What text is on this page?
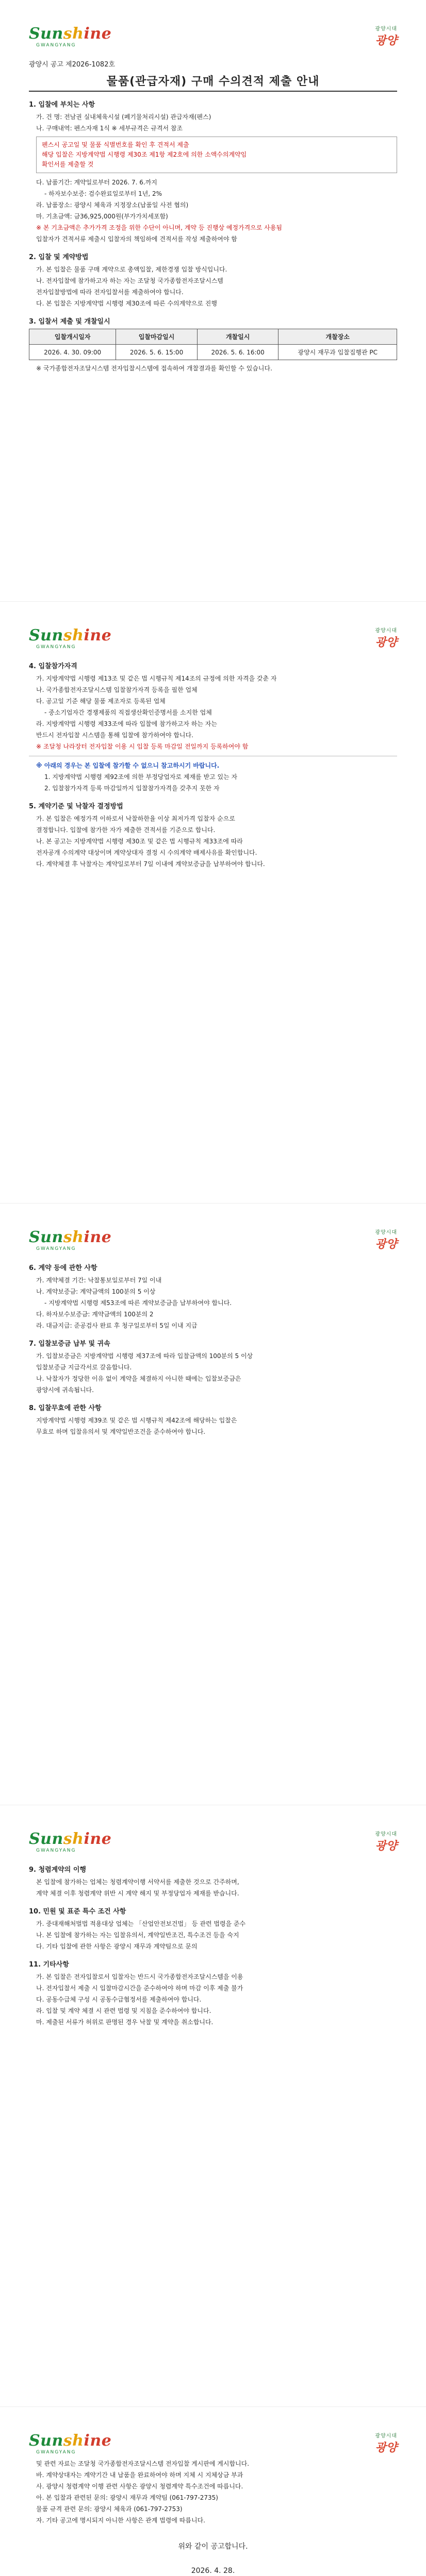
Sunshine
GWANGYANG
광양시대
광양
광양시 공고 제2026-1082호
물품(관급자재) 구매 수의견적 제출 안내
1. 입찰에 부치는 사항
가. 건 명: 전남권 실내체육시설 (폐기물처리시설) 관급자재(펜스)
나. 구매내역: 펜스자재 1식 ※ 세부규격은 규격서 참조
펜스시 공고일 및 물품 식별번호를 확인 후 견적서 제출
해당 입찰은 지방계약법 시행령 제30조 제1항 제2호에 의한 소액수의계약임
확인서를 제출할 것
다. 납품기간: 계약일로부터 2026. 7. 6.까지
- 하자보수보증: 검수완료일로부터 1년, 2%
라. 납품장소: 광양시 체육과 지정장소(납품일 사전 협의)
마. 기초금액: 금36,925,000원(부가가치세포함)
※ 본 기초금액은 추가가격 조정을 위한 수단이 아니며, 계약 등 진행상 예정가격으로 사용됨
입찰자가 견적서류 제출시 입찰자의 책임하에 견적서를 작성 제출하여야 함
2. 입찰 및 계약방법
가. 본 입찰은 물품 구매 계약으로 총액입찰, 제한경쟁 입찰 방식입니다.
나. 전자입찰에 참가하고자 하는 자는 조달청 국가종합전자조달시스템
전자입찰방법에 따라 전자입찰서를 제출하여야 합니다.
다. 본 입찰은 지방계약법 시행령 제30조에 따른 수의계약으로 진행
3. 입찰서 제출 및 개찰일시
입찰개시일자	입찰마감일시	개찰일시	개찰장소
2026. 4. 30. 09:00	2026. 5. 6. 15:00	2026. 5. 6. 16:00	광양시 재무과 입찰집행관 PC
※ 국가종합전자조달시스템 전자입찰시스템에 접속하여 개찰결과를 확인할 수 있습니다.
Sunshine
GWANGYANG
광양시대
광양
4. 입찰참가자격
가. 지방계약법 시행령 제13조 및 같은 법 시행규칙 제14조의 규정에 의한 자격을 갖춘 자
나. 국가종합전자조달시스템 입찰참가자격 등록을 필한 업체
다. 공고일 기준 해당 물품 제조자로 등록된 업체
- 중소기업자간 경쟁제품의 직접생산확인증명서를 소지한 업체
라. 지방계약법 시행령 제33조에 따라 입찰에 참가하고자 하는 자는
반드시 전자입찰 시스템을 통해 입찰에 참가하여야 합니다.
※ 조달청 나라장터 전자입찰 이용 시 입찰 등록 마감일 전일까지 등록하여야 함
※ 아래의 경우는 본 입찰에 참가할 수 없으니 참고하시기 바랍니다.
1. 지방계약법 시행령 제92조에 의한 부정당업자로 제재를 받고 있는 자
2. 입찰참가자격 등록 마감일까지 입찰참가자격을 갖추지 못한 자
5. 계약기준 및 낙찰자 결정방법
가. 본 입찰은 예정가격 이하로서 낙찰하한율 이상 최저가격 입찰자 순으로
결정합니다. 입찰에 참가한 자가 제출한 견적서를 기준으로 합니다.
나. 본 공고는 지방계약법 시행령 제30조 및 같은 법 시행규칙 제33조에 따라
전자공개 수의계약 대상이며 계약상대자 결정 시 수의계약 배제사유를 확인합니다.
다. 계약체결 후 낙찰자는 계약일로부터 7일 이내에 계약보증금을 납부하여야 합니다.
Sunshine
GWANGYANG
광양시대
광양
6. 계약 등에 관한 사항
가. 계약체결 기간: 낙찰통보일로부터 7일 이내
나. 계약보증금: 계약금액의 100분의 5 이상
- 지방계약법 시행령 제53조에 따른 계약보증금을 납부하여야 합니다.
다. 하자보수보증금: 계약금액의 100분의 2
라. 대금지급: 준공검사 완료 후 청구일로부터 5일 이내 지급
7. 입찰보증금 납부 및 귀속
가. 입찰보증금은 지방계약법 시행령 제37조에 따라 입찰금액의 100분의 5 이상
입찰보증금 지급각서로 갈음합니다.
나. 낙찰자가 정당한 이유 없이 계약을 체결하지 아니한 때에는 입찰보증금은
광양시에 귀속됩니다.
8. 입찰무효에 관한 사항
지방계약법 시행령 제39조 및 같은 법 시행규칙 제42조에 해당하는 입찰은
무효로 하며 입찰유의서 및 계약일반조건을 준수하여야 합니다.
Sunshine
GWANGYANG
광양시대
광양
9. 청렴계약의 이행
본 입찰에 참가하는 업체는 청렴계약이행 서약서를 제출한 것으로 간주하며,
계약 체결 이후 청렴계약 위반 시 계약 해지 및 부정당업자 제재를 받습니다.
10. 민원 및 표준 특수 조건 사항
가. 중대재해처벌법 적용대상 업체는 「산업안전보건법」 등 관련 법령을 준수
나. 본 입찰에 참가하는 자는 입찰유의서, 계약일반조건, 특수조건 등을 숙지
다. 기타 입찰에 관한 사항은 광양시 재무과 계약팀으로 문의
11. 기타사항
가. 본 입찰은 전자입찰로서 입찰자는 반드시 국가종합전자조달시스템을 이용
나. 전자입찰서 제출 시 입찰마감시간을 준수하여야 하며 마감 이후 제출 불가
다. 공동수급체 구성 시 공동수급협정서를 제출하여야 합니다.
라. 입찰 및 계약 체결 시 관련 법령 및 지침을 준수하여야 합니다.
마. 제출된 서류가 허위로 판명된 경우 낙찰 및 계약을 취소합니다.
Sunshine
GWANGYANG
광양시대
광양
및 관련 자료는 조달청 국가종합전자조달시스템 전자입찰 게시판에 게시합니다.
바. 계약상대자는 계약기간 내 납품을 완료하여야 하며 지체 시 지체상금 부과
사. 광양시 청렴계약 이행 관련 사항은 광양시 청렴계약 특수조건에 따릅니다.
아. 본 입찰과 관련된 문의: 광양시 재무과 계약팀 (061-797-2735)
물품 규격 관련 문의: 광양시 체육과 (061-797-2753)
자. 기타 공고에 명시되지 아니한 사항은 관계 법령에 따릅니다.
위와 같이 공고합니다.
2026. 4. 28.
